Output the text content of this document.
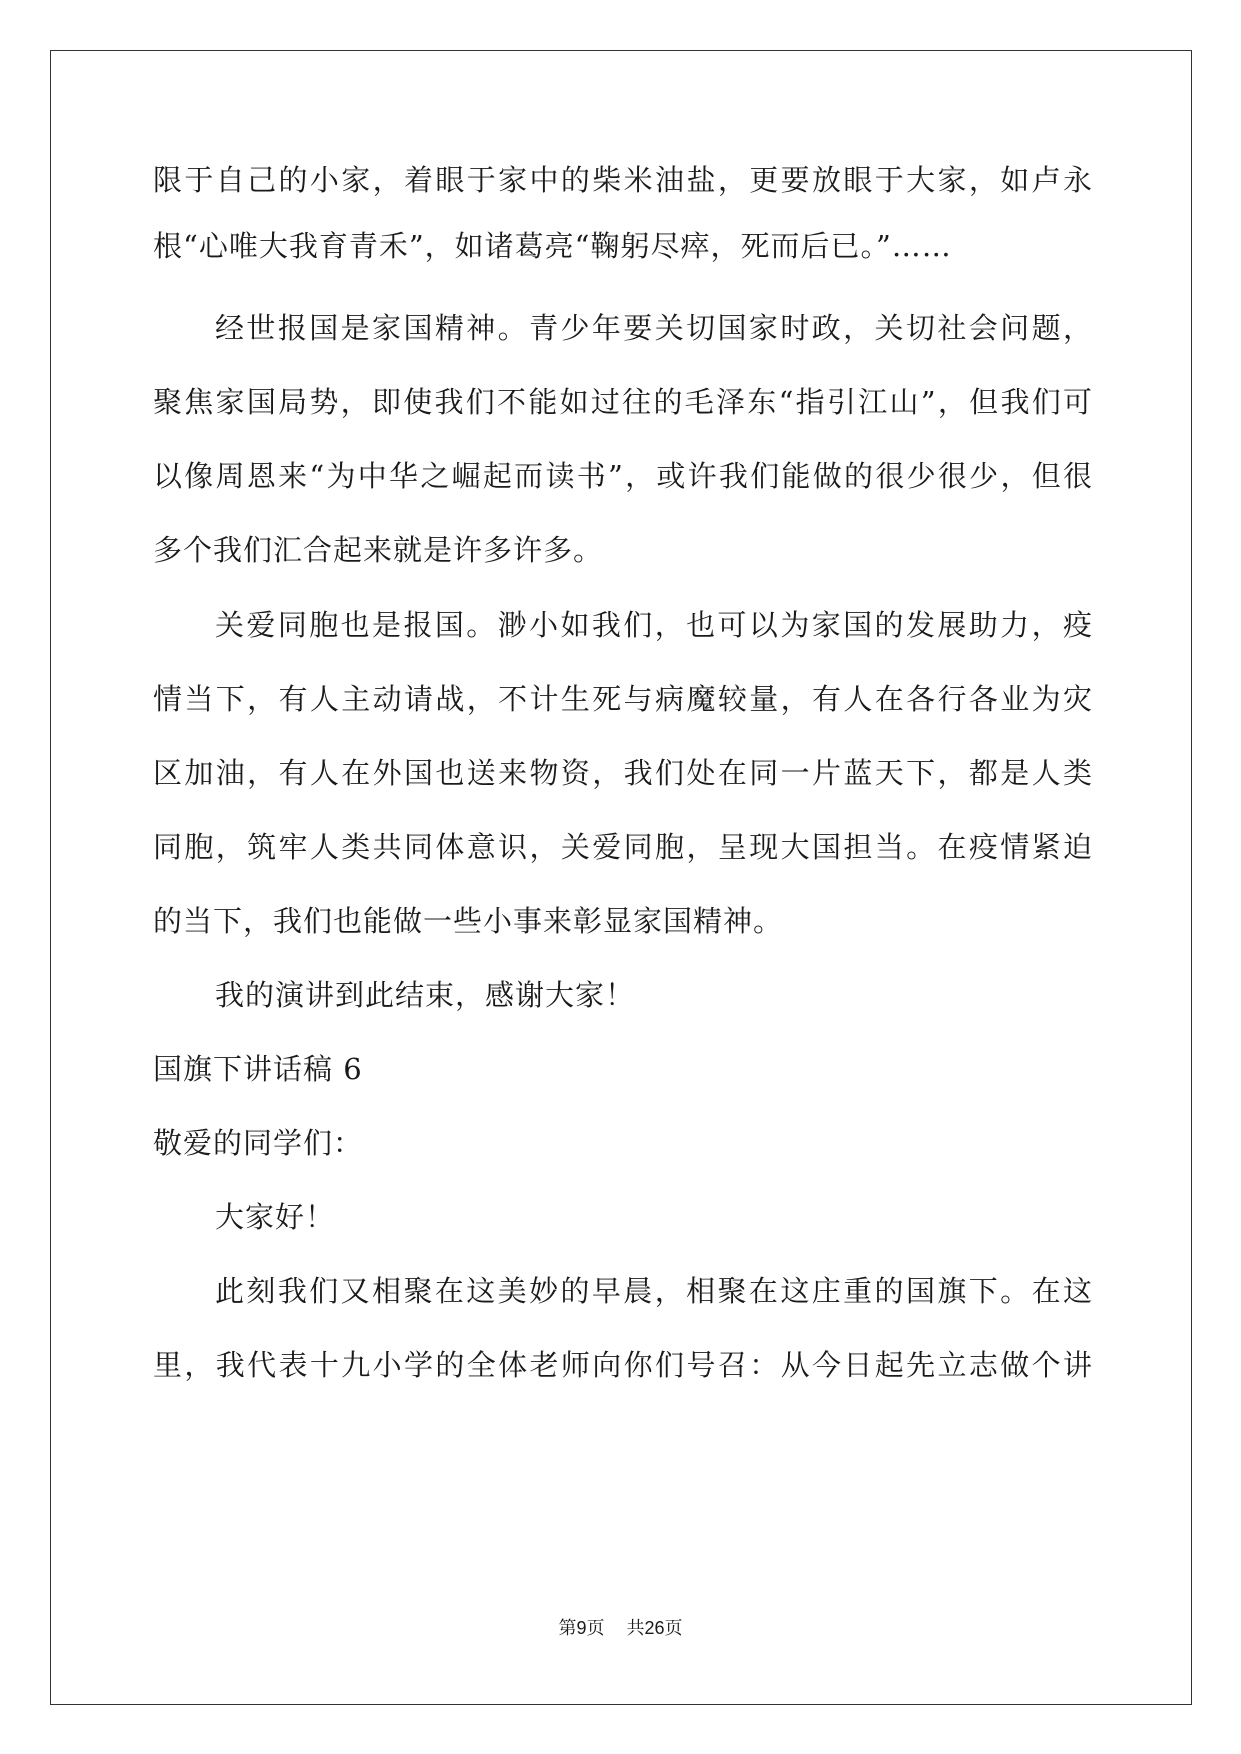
限于自己的小家，着眼于家中的柴米油盐，更要放眼于大家，如卢永
根“心唯大我育青禾”，如诸葛亮“鞠躬尽瘁，死而后已。”……
经世报国是家国精神。青少年要关切国家时政，关切社会问题，
聚焦家国局势，即使我们不能如过往的毛泽东“指引江山”，但我们可
以像周恩来“为中华之崛起而读书”，或许我们能做的很少很少，但很
多个我们汇合起来就是许多许多。
关爱同胞也是报国。渺小如我们，也可以为家国的发展助力，疫
情当下，有人主动请战，不计生死与病魔较量，有人在各行各业为灾
区加油，有人在外国也送来物资，我们处在同一片蓝天下，都是人类
同胞，筑牢人类共同体意识，关爱同胞，呈现大国担当。在疫情紧迫
的当下，我们也能做一些小事来彰显家国精神。
我的演讲到此结束，感谢大家！
国旗下讲话稿 6
敬爱的同学们：
大家好！
此刻我们又相聚在这美妙的早晨，相聚在这庄重的国旗下。在这
里，我代表十九小学的全体老师向你们号召：从今日起先立志做个讲
第9页 共26页
